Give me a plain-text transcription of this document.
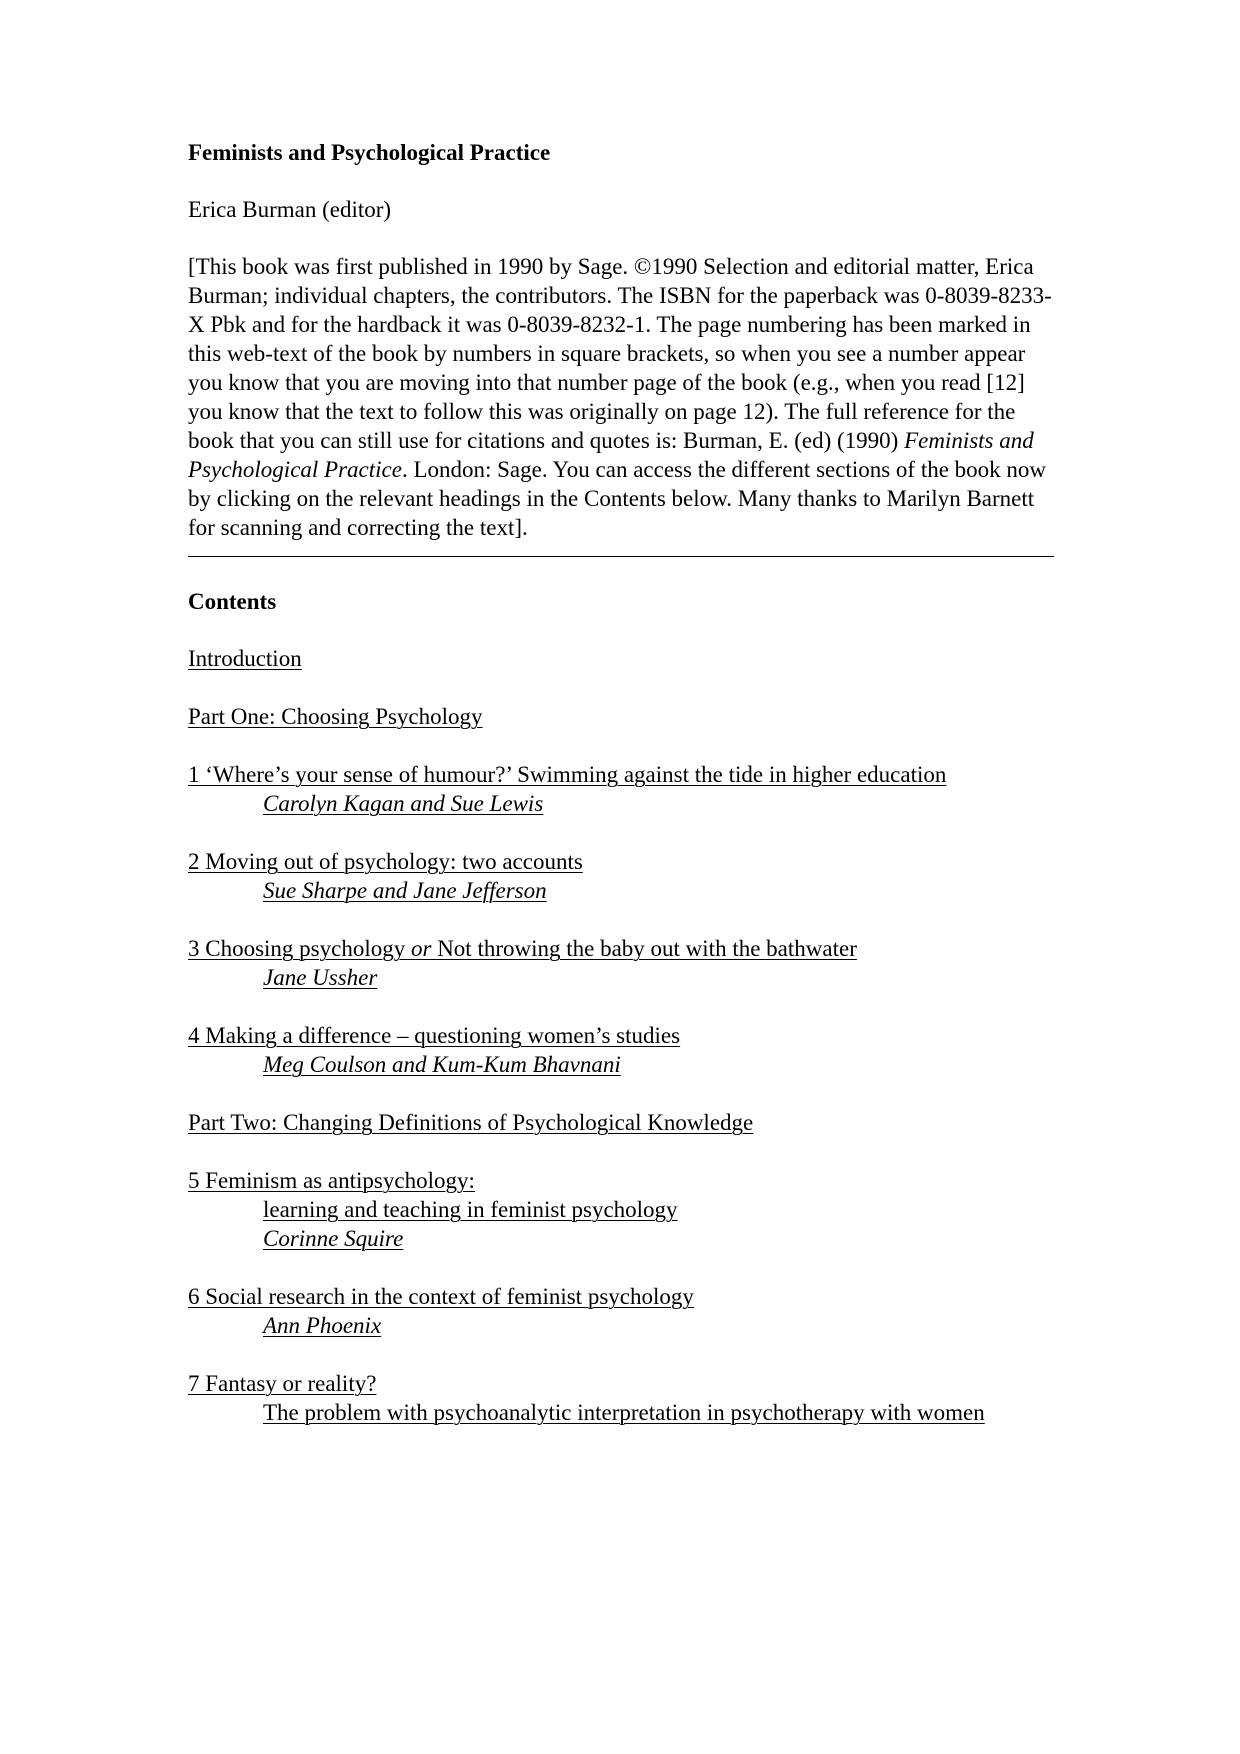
Feminists and Psychological Practice
Erica Burman (editor)
[This book was first published in 1990 by Sage. ©1990 Selection and editorial matter, Erica Burman; individual chapters, the contributors. The ISBN for the paperback was 0-8039-8233-X Pbk and for the hardback it was 0-8039-8232-1. The page numbering has been marked in this web-text of the book by numbers in square brackets, so when you see a number appear you know that you are moving into that number page of the book (e.g., when you read [12] you know that the text to follow this was originally on page 12). The full reference for the book that you can still use for citations and quotes is: Burman, E. (ed) (1990) Feminists and Psychological Practice. London: Sage. You can access the different sections of the book now by clicking on the relevant headings in the Contents below. Many thanks to Marilyn Barnett for scanning and correcting the text].
Contents
Introduction
Part One: Choosing Psychology
1 ‘Where’s your sense of humour?’ Swimming against the tide in higher education
Carolyn Kagan and Sue Lewis
2 Moving out of psychology: two accounts
Sue Sharpe and Jane Jefferson
3 Choosing psychology or Not throwing the baby out with the bathwater
Jane Ussher
4 Making a difference – questioning women’s studies
Meg Coulson and Kum-Kum Bhavnani
Part Two: Changing Definitions of Psychological Knowledge
5 Feminism as antipsychology:
learning and teaching in feminist psychology
Corinne Squire
6 Social research in the context of feminist psychology
Ann Phoenix
7 Fantasy or reality?
The problem with psychoanalytic interpretation in psychotherapy with women
